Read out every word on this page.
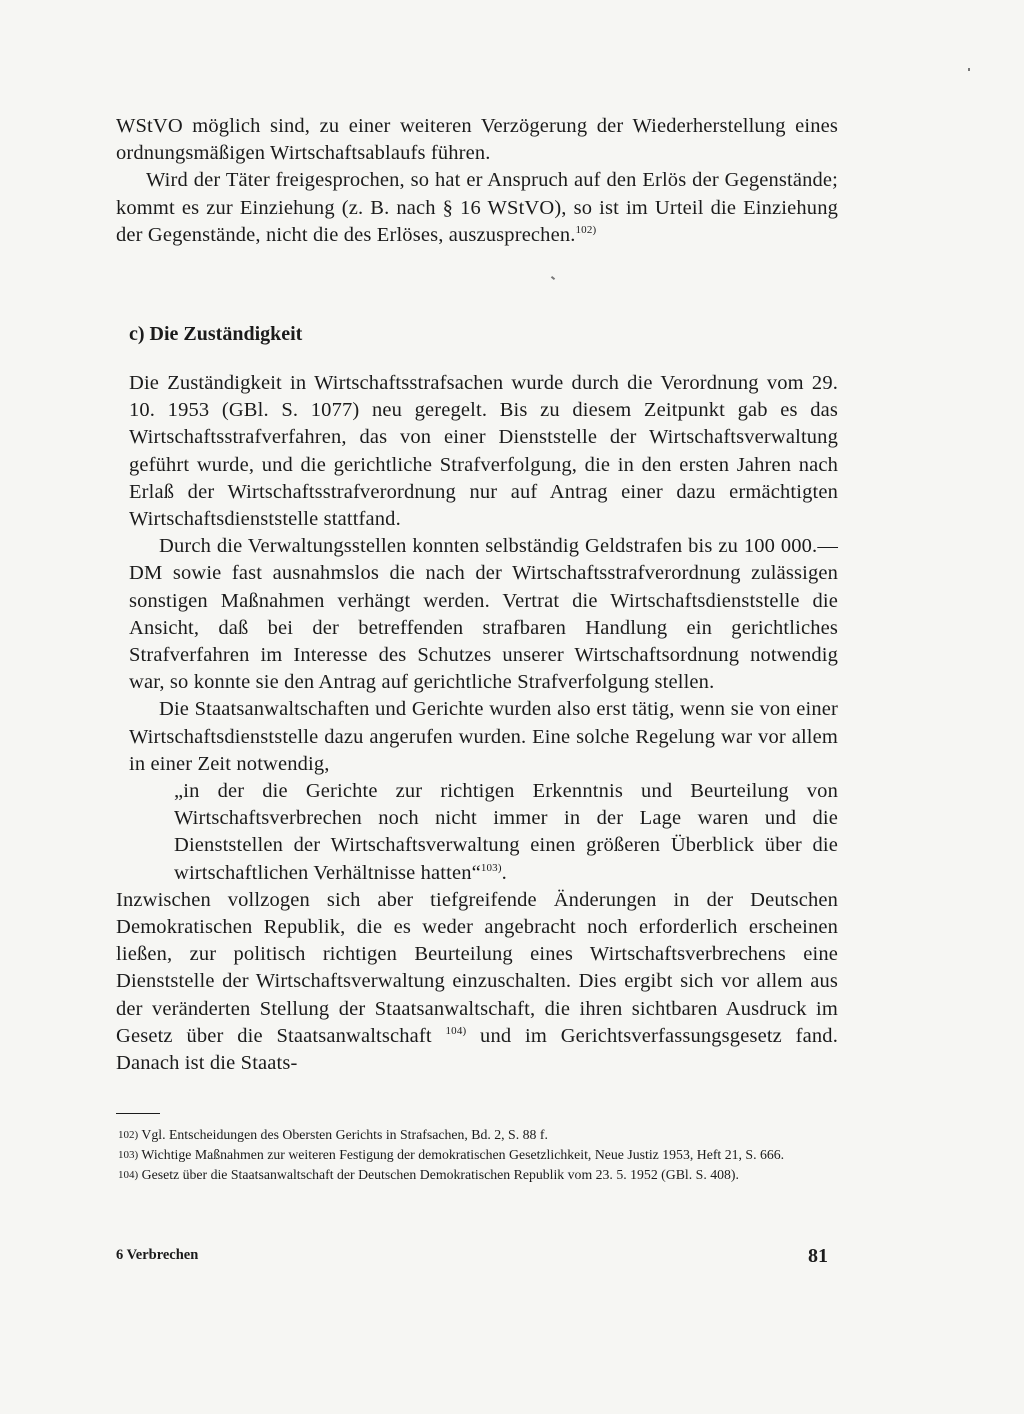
WStVO möglich sind, zu einer weiteren Verzögerung der Wiederherstellung eines ordnungsmäßigen Wirtschaftsablaufs führen.

Wird der Täter freigesprochen, so hat er Anspruch auf den Erlös der Gegenstände; kommt es zur Einziehung (z. B. nach § 16 WStVO), so ist im Urteil die Einziehung der Gegenstände, nicht die des Erlöses, auszusprechen.$^{102)}$

c) Die Zuständigkeit

Die Zuständigkeit in Wirtschaftsstrafsachen wurde durch die Verordnung vom 29. 10. 1953 (GBl. S. 1077) neu geregelt. Bis zu diesem Zeitpunkt gab es das Wirtschaftsstrafverfahren, das von einer Dienststelle der Wirtschaftsverwaltung geführt wurde, und die gerichtliche Strafverfolgung, die in den ersten Jahren nach Erlaß der Wirtschaftsstrafverordnung nur auf Antrag einer dazu ermächtigten Wirtschaftsdienststelle stattfand.

Durch die Verwaltungsstellen konnten selbständig Geldstrafen bis zu 100 000.— DM sowie fast ausnahmslos die nach der Wirtschaftsstrafverordnung zulässigen sonstigen Maßnahmen verhängt werden. Vertrat die Wirtschaftsdienststelle die Ansicht, daß bei der betreffenden strafbaren Handlung ein gerichtliches Strafverfahren im Interesse des Schutzes unserer Wirtschaftsordnung notwendig war, so konnte sie den Antrag auf gerichtliche Strafverfolgung stellen.

Die Staatsanwaltschaften und Gerichte wurden also erst tätig, wenn sie von einer Wirtschaftsdienststelle dazu angerufen wurden. Eine solche Regelung war vor allem in einer Zeit notwendig,

„in der die Gerichte zur richtigen Erkenntnis und Beurteilung von Wirtschaftsverbrechen noch nicht immer in der Lage waren und die Dienststellen der Wirtschaftsverwaltung einen größeren Überblick über die wirtschaftlichen Verhältnisse hatten“$^{103)}$.

Inzwischen vollzogen sich aber tiefgreifende Änderungen in der Deutschen Demokratischen Republik, die es weder angebracht noch erforderlich erscheinen ließen, zur politisch richtigen Beurteilung eines Wirtschaftsverbrechens eine Dienststelle der Wirtschaftsverwaltung einzuschalten. Dies ergibt sich vor allem aus der veränderten Stellung der Staatsanwaltschaft, die ihren sichtbaren Ausdruck im Gesetz über die Staatsanwaltschaft $^{104)}$ und im Gerichtsverfassungsgesetz fand. Danach ist die Staats-

102) Vgl. Entscheidungen des Obersten Gerichts in Strafsachen, Bd. 2, S. 88 f.

103) Wichtige Maßnahmen zur weiteren Festigung der demokratischen Gesetzlichkeit, Neue Justiz 1953, Heft 21, S. 666.

104) Gesetz über die Staatsanwaltschaft der Deutschen Demokratischen Republik vom 23. 5. 1952 (GBl. S. 408).

6 Verbrechen	81
